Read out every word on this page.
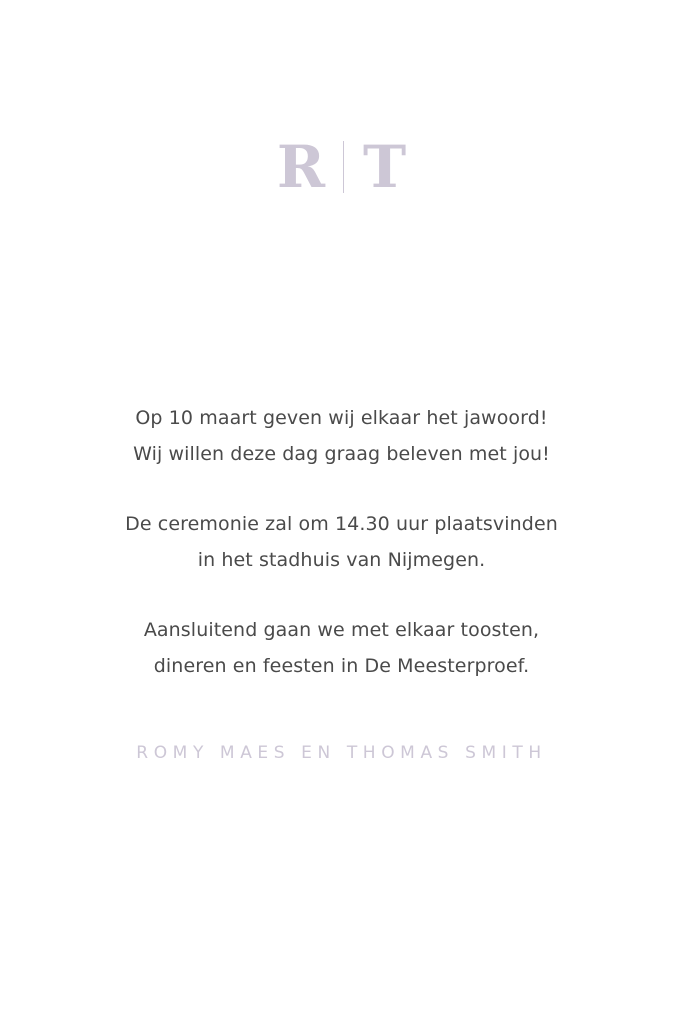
R T

Op 10 maart geven wij elkaar het jawoord!
Wij willen deze dag graag beleven met jou!

De ceremonie zal om 14.30 uur plaatsvinden
in het stadhuis van Nijmegen.

Aansluitend gaan we met elkaar toosten,
dineren en feesten in De Meesterproef.

ROMY MAES EN THOMAS SMITH
